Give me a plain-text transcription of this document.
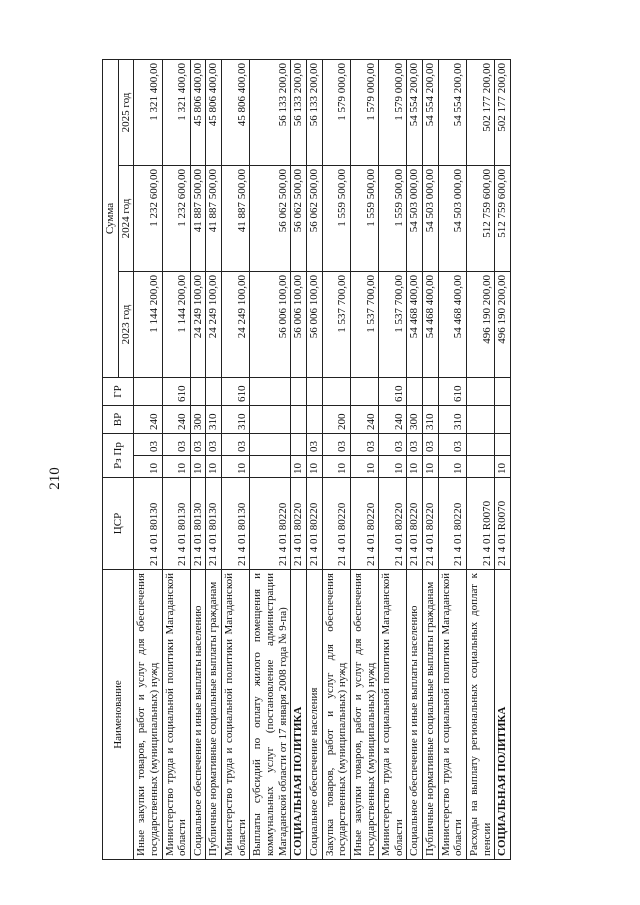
210
Наименование	ЦСР	Рз Пр		ВР	ГР	Сумма		
						2023 год	2024 год	2025 год
Иные закупки товаров, работ и услуг для обеспечения государственных (муниципальных) нужд	21 4 01 80130	10	03	240		1 144 200,00	1 232 600,00	1 321 400,00
Министерство труда и социальной политики Магаданской области	21 4 01 80130	10	03	240	610	1 144 200,00	1 232 600,00	1 321 400,00
Социальное обеспечение и иные выплаты населению	21 4 01 80130	10	03	300		24 249 100,00	41 887 500,00	45 806 400,00
Публичные нормативные социальные выплаты гражданам	21 4 01 80130	10	03	310		24 249 100,00	41 887 500,00	45 806 400,00
Министерство труда и социальной политики Магаданской области	21 4 01 80130	10	03	310	610	24 249 100,00	41 887 500,00	45 806 400,00
Выплаты субсидий по оплату жилого помещения и коммунальных услуг (постановление администрации Магаданской области от 17 января 2008 года № 9-па)	21 4 01 80220					56 006 100,00	56 062 500,00	56 133 200,00
СОЦИАЛЬНАЯ ПОЛИТИКА	21 4 01 80220	10				56 006 100,00	56 062 500,00	56 133 200,00
Социальное обеспечение населения	21 4 01 80220	10	03			56 006 100,00	56 062 500,00	56 133 200,00
Закупка товаров, работ и услуг для обеспечения государственных (муниципальных) нужд	21 4 01 80220	10	03	200		1 537 700,00	1 559 500,00	1 579 000,00
Иные закупки товаров, работ и услуг для обеспечения государственных (муниципальных) нужд	21 4 01 80220	10	03	240		1 537 700,00	1 559 500,00	1 579 000,00
Министерство труда и социальной политики Магаданской области	21 4 01 80220	10	03	240	610	1 537 700,00	1 559 500,00	1 579 000,00
Социальное обеспечение и иные выплаты населению	21 4 01 80220	10	03	300		54 468 400,00	54 503 000,00	54 554 200,00
Публичные нормативные социальные выплаты гражданам	21 4 01 80220	10	03	310		54 468 400,00	54 503 000,00	54 554 200,00
Министерство труда и социальной политики Магаданской области	21 4 01 80220	10	03	310	610	54 468 400,00	54 503 000,00	54 554 200,00
Расходы на выплату региональных социальных доплат к пенсии	21 4 01 R0070					496 190 200,00	512 759 600,00	502 177 200,00
СОЦИАЛЬНАЯ ПОЛИТИКА	21 4 01 R0070	10				496 190 200,00	512 759 600,00	502 177 200,00
